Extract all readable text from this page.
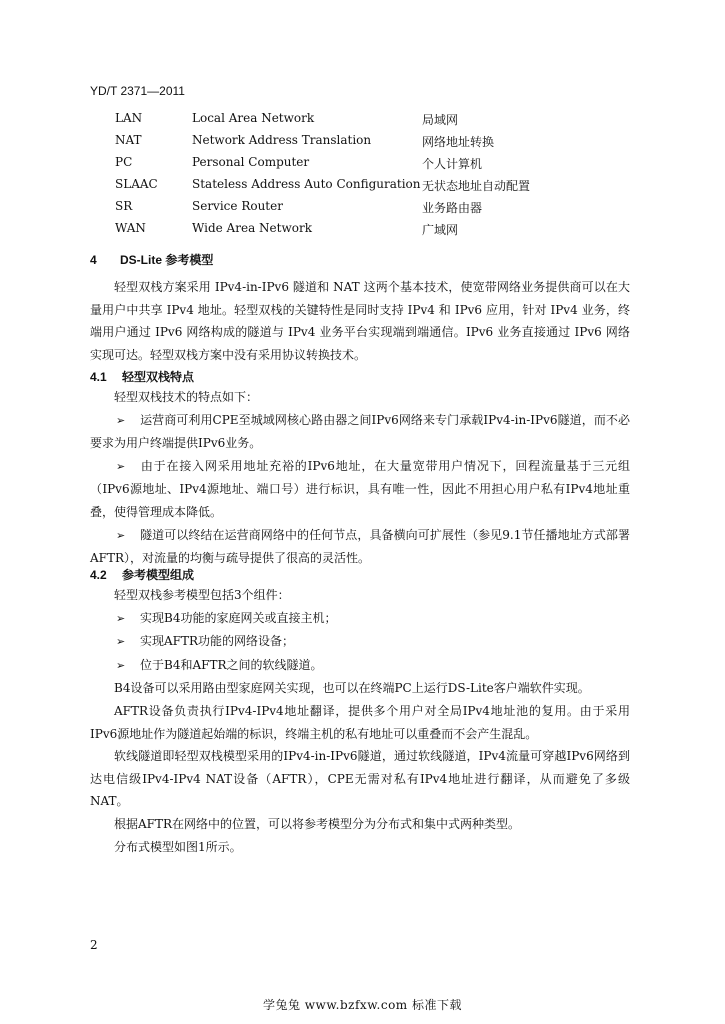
YD/T 2371—2011
LAN	Local Area Network	局域网
NAT	Network Address Translation	网络地址转换
PC	Personal Computer	个人计算机
SLAAC	Stateless Address Auto Configuration 无状态地址自动配置
SR	Service Router	业务路由器
WAN	Wide Area Network	广域网
4 DS-Lite 参考模型

轻型双栈方案采用 IPv4-in-IPv6 隧道和 NAT 这两个基本技术，使宽带网络业务提供商可以在大量用户中共享 IPv4 地址。轻型双栈的关键特性是同时支持 IPv4 和 IPv6 应用，针对 IPv4 业务，终端用户通过 IPv6 网络构成的隧道与 IPv4 业务平台实现端到端通信。IPv6 业务直接通过 IPv6 网络实现可达。轻型双栈方案中没有采用协议转换技术。

4.1 轻型双栈特点

轻型双栈技术的特点如下：

➢ 运营商可利用CPE至城域网核心路由器之间IPv6网络来专门承载IPv4-in-IPv6隧道，而不必要求为用户终端提供IPv6业务。

➢ 由于在接入网采用地址充裕的IPv6地址，在大量宽带用户情况下，回程流量基于三元组（IPv6源地址、IPv4源地址、端口号）进行标识，具有唯一性，因此不用担心用户私有IPv4地址重叠，使得管理成本降低。

➢ 隧道可以终结在运营商网络中的任何节点，具备横向可扩展性（参见9.1节任播地址方式部署AFTR），对流量的均衡与疏导提供了很高的灵活性。

4.2 参考模型组成

轻型双栈参考模型包括3个组件：

➢ 实现B4功能的家庭网关或直接主机；

➢ 实现AFTR功能的网络设备；

➢ 位于B4和AFTR之间的软线隧道。

B4设备可以采用路由型家庭网关实现，也可以在终端PC上运行DS-Lite客户端软件实现。

AFTR设备负责执行IPv4-IPv4地址翻译，提供多个用户对全局IPv4地址池的复用。由于采用IPv6源地址作为隧道起始端的标识，终端主机的私有地址可以重叠而不会产生混乱。

软线隧道即轻型双栈模型采用的IPv4-in-IPv6隧道，通过软线隧道，IPv4流量可穿越IPv6网络到达电信级IPv4-IPv4 NAT设备（AFTR），CPE无需对私有IPv4地址进行翻译，从而避免了多级NAT。

根据AFTR在网络中的位置，可以将参考模型分为分布式和集中式两种类型。

分布式模型如图1所示。

2
学兔兔 www.bzfxw.com 标准下载
